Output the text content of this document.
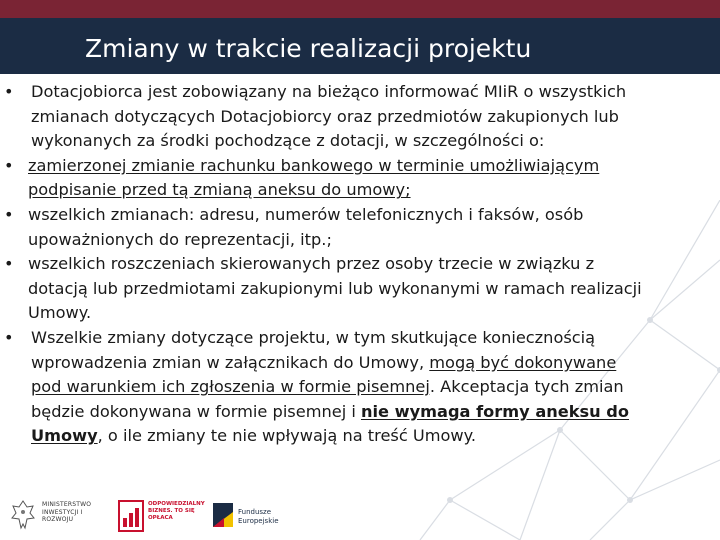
Zmiany w trakcie realizacji projektu
• Dotacjobiorca jest zobowiązany na bieżąco informować MIiR o wszystkich zmianach dotyczących Dotacjobiorcy oraz przedmiotów zakupionych lub wykonanych za środki pochodzące z dotacji, w szczególności o:
• zamierzonej zmianie rachunku bankowego w terminie umożliwiającym podpisanie przed tą zmianą aneksu do umowy;
• wszelkich zmianach: adresu, numerów telefonicznych i faksów, osób upoważnionych do reprezentacji, itp.;
• wszelkich roszczeniach skierowanych przez osoby trzecie w związku z dotacją lub przedmiotami zakupionymi lub wykonanymi w ramach realizacji Umowy.
• Wszelkie zmiany dotyczące projektu, w tym skutkujące koniecznością wprowadzenia zmian w załącznikach do Umowy, mogą być dokonywane pod warunkiem ich zgłoszenia w formie pisemnej. Akceptacja tych zmian będzie dokonywana w formie pisemnej i nie wymaga formy aneksu do Umowy, o ile zmiany te nie wpływają na treść Umowy.
MINISTERSTWO INWESTYCJI I ROZWOJU
ODPOWIEDZIALNY BIZNES. TO SIĘ OPŁACA
Fundusze Europejskie
